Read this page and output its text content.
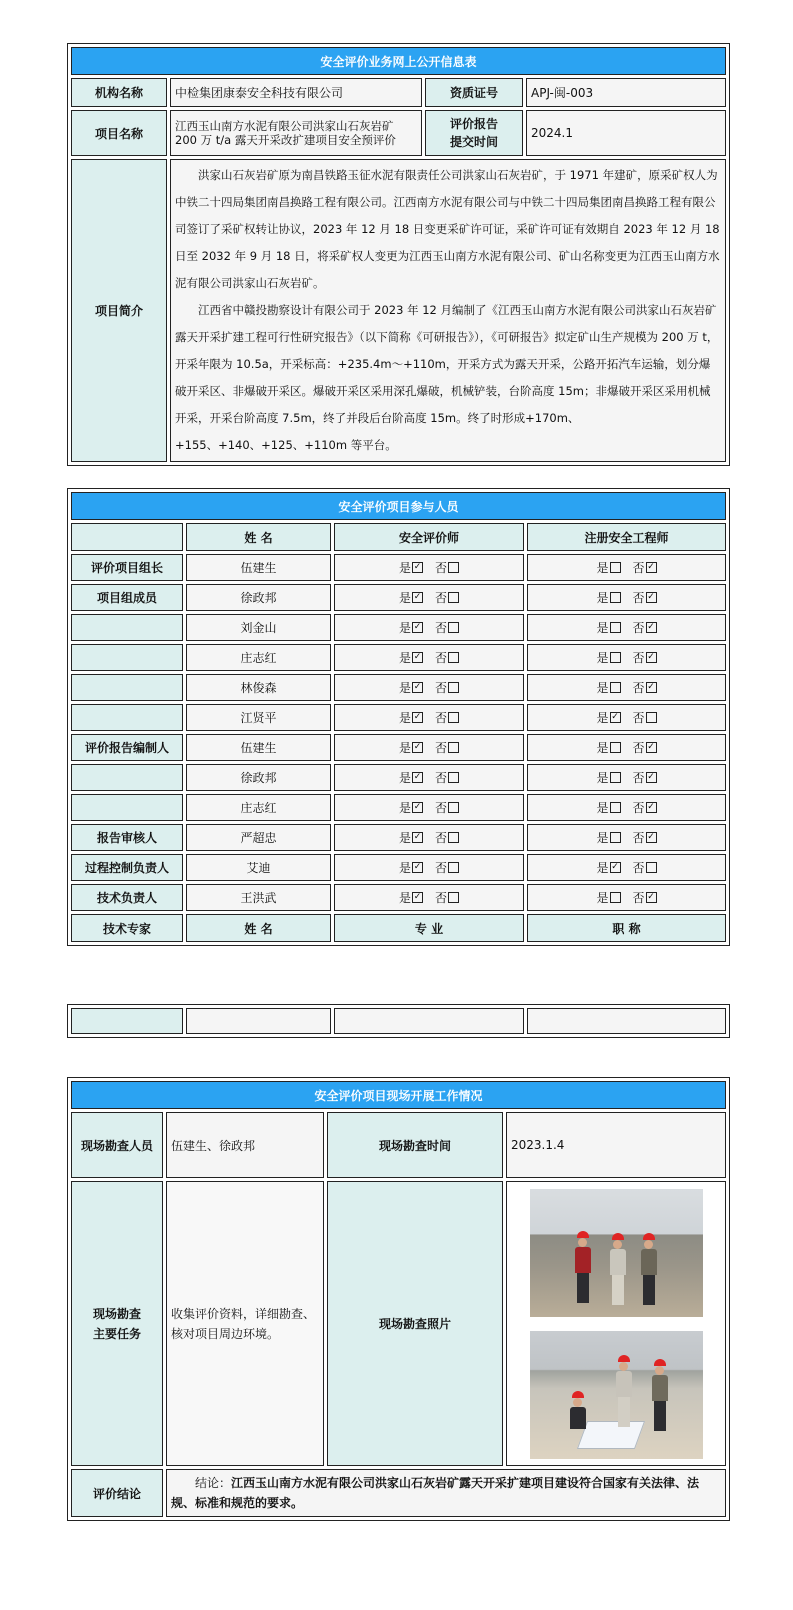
安全评价业务网上公开信息表			
机构名称	中检集团康泰安全科技有限公司	资质证号	APJ-闽-003
项目名称	江西玉山南方水泥有限公司洪家山石灰岩矿 200 万 t/a 露天开采改扩建项目安全预评价	评价报告
提交时间	2024.1
项目简介	洪家山石灰岩矿原为南昌铁路玉征水泥有限责任公司洪家山石灰岩矿，于 1971 年建矿，原采矿权人为中铁二十四局集团南昌换路工程有限公司。江西南方水泥有限公司与中铁二十四局集团南昌换路工程有限公司签订了采矿权转让协议，2023 年 12 月 18 日变更采矿许可证，采矿许可证有效期自 2023 年 12 月 18 日至 2032 年 9 月 18 日，将采矿权人变更为江西玉山南方水泥有限公司、矿山名称变更为江西玉山南方水泥有限公司洪家山石灰岩矿。

江西省中赣投勘察设计有限公司于 2023 年 12 月编制了《江西玉山南方水泥有限公司洪家山石灰岩矿露天开采扩建工程可行性研究报告》（以下简称《可研报告》），《可研报告》拟定矿山生产规模为 200 万 t，开采年限为 10.5a，开采标高：+235.4m～+110m，开采方式为露天开采，公路开拓汽车运输，划分爆破开采区、非爆破开采区。爆破开采区采用深孔爆破，机械铲装，台阶高度 15m；非爆破开采区采用机械开采，开采台阶高度 7.5m，终了并段后台阶高度 15m。终了时形成+170m、+155、+140、+125、+110m 等平台。		

安全评价项目参与人员			
	姓 名	安全评价师	注册安全工程师
评价项目组长	伍建生	是 ✓ 否	是 否 ✓
项目组成员	徐政邦	是 ✓ 否	是 否 ✓
	刘金山	是 ✓ 否	是 否 ✓
	庄志红	是 ✓ 否	是 否 ✓
	林俊森	是 ✓ 否	是 否 ✓
	江贤平	是 ✓ 否	是 ✓ 否
评价报告编制人	伍建生	是 ✓ 否	是 否 ✓
	徐政邦	是 ✓ 否	是 否 ✓
	庄志红	是 ✓ 否	是 否 ✓
报告审核人	严超忠	是 ✓ 否	是 否 ✓
过程控制负责人	艾迪	是 ✓ 否	是 ✓ 否
技术负责人	王洪武	是 ✓ 否	是 否 ✓
技术专家	姓 名	专 业	职 称

安全评价项目现场开展工作情况			
现场勘查人员	伍建生、徐政邦	现场勘查时间	2023.1.4

现场勘查
主要任务	收集评价资料，详细勘查、核对项目周边环境。	现场勘查照片	

评价结论	结论：江西玉山南方水泥有限公司洪家山石灰岩矿露天开采扩建项目建设符合国家有关法律、法规、标准和规范的要求。		
